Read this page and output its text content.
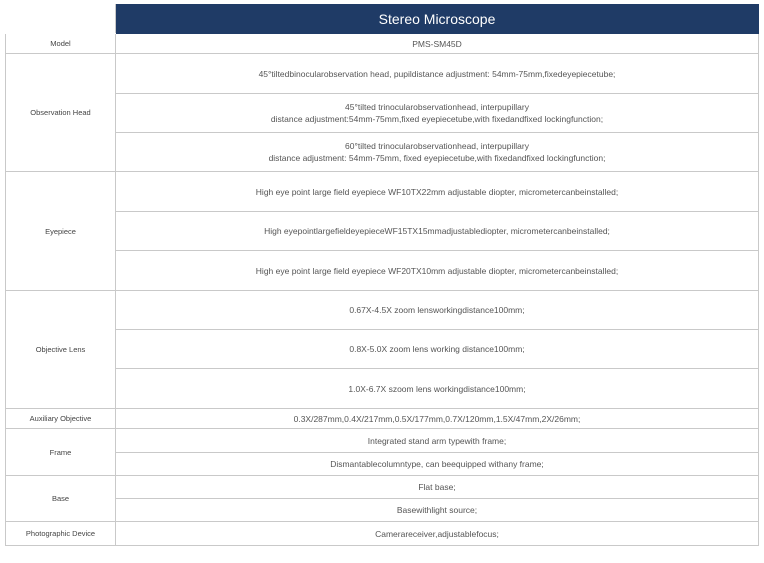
	Stereo Microscope
Model	PMS-SM45D
Observation Head	45°tiltedbinocularobservation head, pupildistance adjustment: 54mm-75mm,fixedeyepiecetube;
	45°tilted trinocularobservationhead, interpupillary
distance adjustment:54mm-75mm,fixed eyepiecetube,with fixedandfixed lockingfunction;
	60°tilted trinocularobservationhead, interpupillary
distance adjustment: 54mm-75mm, fixed eyepiecetube,with fixedandfixed lockingfunction;
Eyepiece	High eye point large field eyepiece WF10TX22mm adjustable diopter, micrometercanbeinstalled;
	High eyepointlargefieldeyepieceWF15TX15mmadjustablediopter, micrometercanbeinstalled;
	High eye point large field eyepiece WF20TX10mm adjustable diopter, micrometercanbeinstalled;
Objective Lens	0.67X-4.5X zoom lensworkingdistance100mm;
	0.8X-5.0X zoom lens working distance100mm;
	1.0X-6.7X szoom lens workingdistance100mm;
Auxiliary Objective	0.3X/287mm,0.4X/217mm,0.5X/177mm,0.7X/120mm,1.5X/47mm,2X/26mm;
Frame	Integrated stand arm typewith frame;
	Dismantablecolumntype, can beequipped withany frame;
Base	Flat base;
	Basewithlight source;
Photographic Device	Camerareceiver,adjustablefocus;
